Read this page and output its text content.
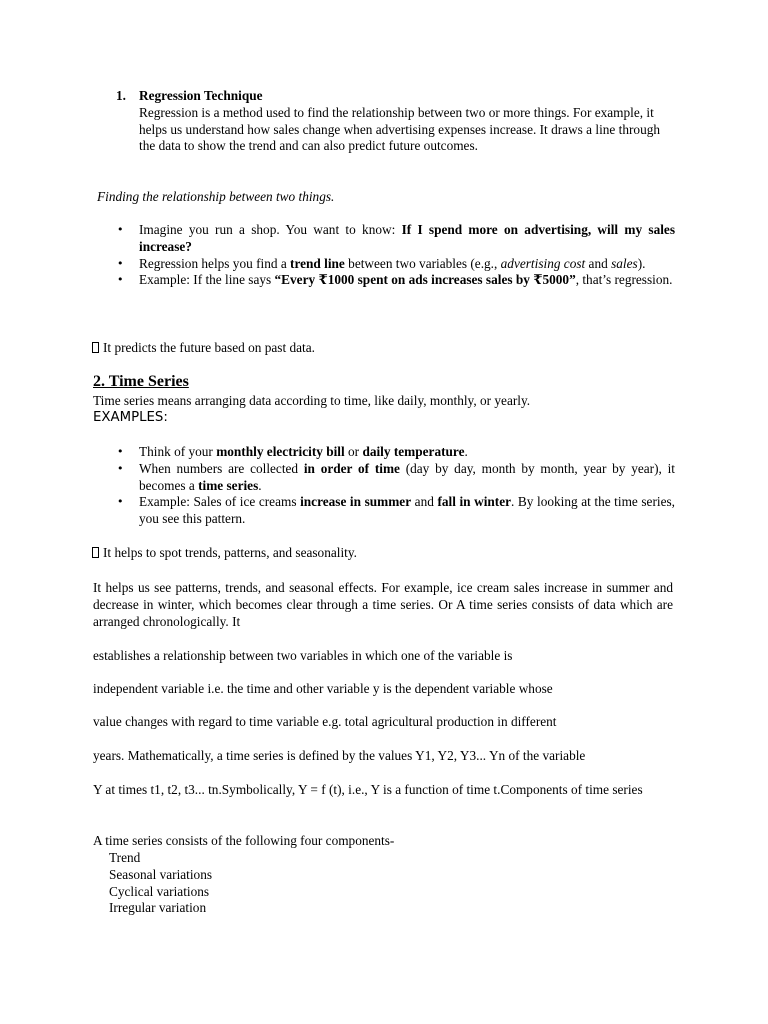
1. Regression Technique
Regression is a method used to find the relationship between two or more things. For example, it helps us understand how sales change when advertising expenses increase. It draws a line through the data to show the trend and can also predict future outcomes.
Finding the relationship between two things.
• Imagine you run a shop. You want to know: If I spend more on advertising, will my sales increase?
• Regression helps you find a trend line between two variables (e.g., advertising cost and sales).
• Example: If the line says “Every ₹1000 spent on ads increases sales by ₹5000”, that’s regression.
It predicts the future based on past data.
2. Time Series
Time series means arranging data according to time, like daily, monthly, or yearly.
EXAMPLES:
• Think of your monthly electricity bill or daily temperature.
• When numbers are collected in order of time (day by day, month by month, year by year), it becomes a time series.
• Example: Sales of ice creams increase in summer and fall in winter. By looking at the time series, you see this pattern.
It helps to spot trends, patterns, and seasonality.
It helps us see patterns, trends, and seasonal effects. For example, ice cream sales increase in summer and decrease in winter, which becomes clear through a time series. Or A time series consists of data which are arranged chronologically. It
establishes a relationship between two variables in which one of the variable is
independent variable i.e. the time and other variable y is the dependent variable whose
value changes with regard to time variable e.g. total agricultural production in different
years. Mathematically, a time series is defined by the values Y1, Y2, Y3... Yn of the variable
Y at times t1, t2, t3... tn.Symbolically, Y = f (t), i.e., Y is a function of time t.Components of time series
A time series consists of the following four components-
Trend
Seasonal variations
Cyclical variations
Irregular variation
